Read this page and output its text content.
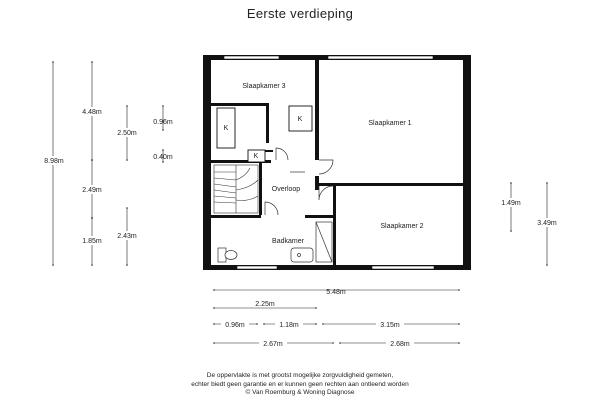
Eerste verdieping
K
K
K
Slaapkamer 3
Slaapkamer 1
Slaapkamer 2
Overloop
Badkamer
8.98m
4.48m
2.49m
1.85m
2.50m
2.43m
0.96m
0.40m
1.49m
3.49m
5.48m
2.25m
0.96m	1.18m	3.15m
2.67m	2.68m
De oppervlakte is met grootst mogelijke zorgvuldigheid gemeten,
echter biedt geen garantie en er kunnen geen rechten aan ontleend worden
© Van Roemburg & Woning Diagnose
